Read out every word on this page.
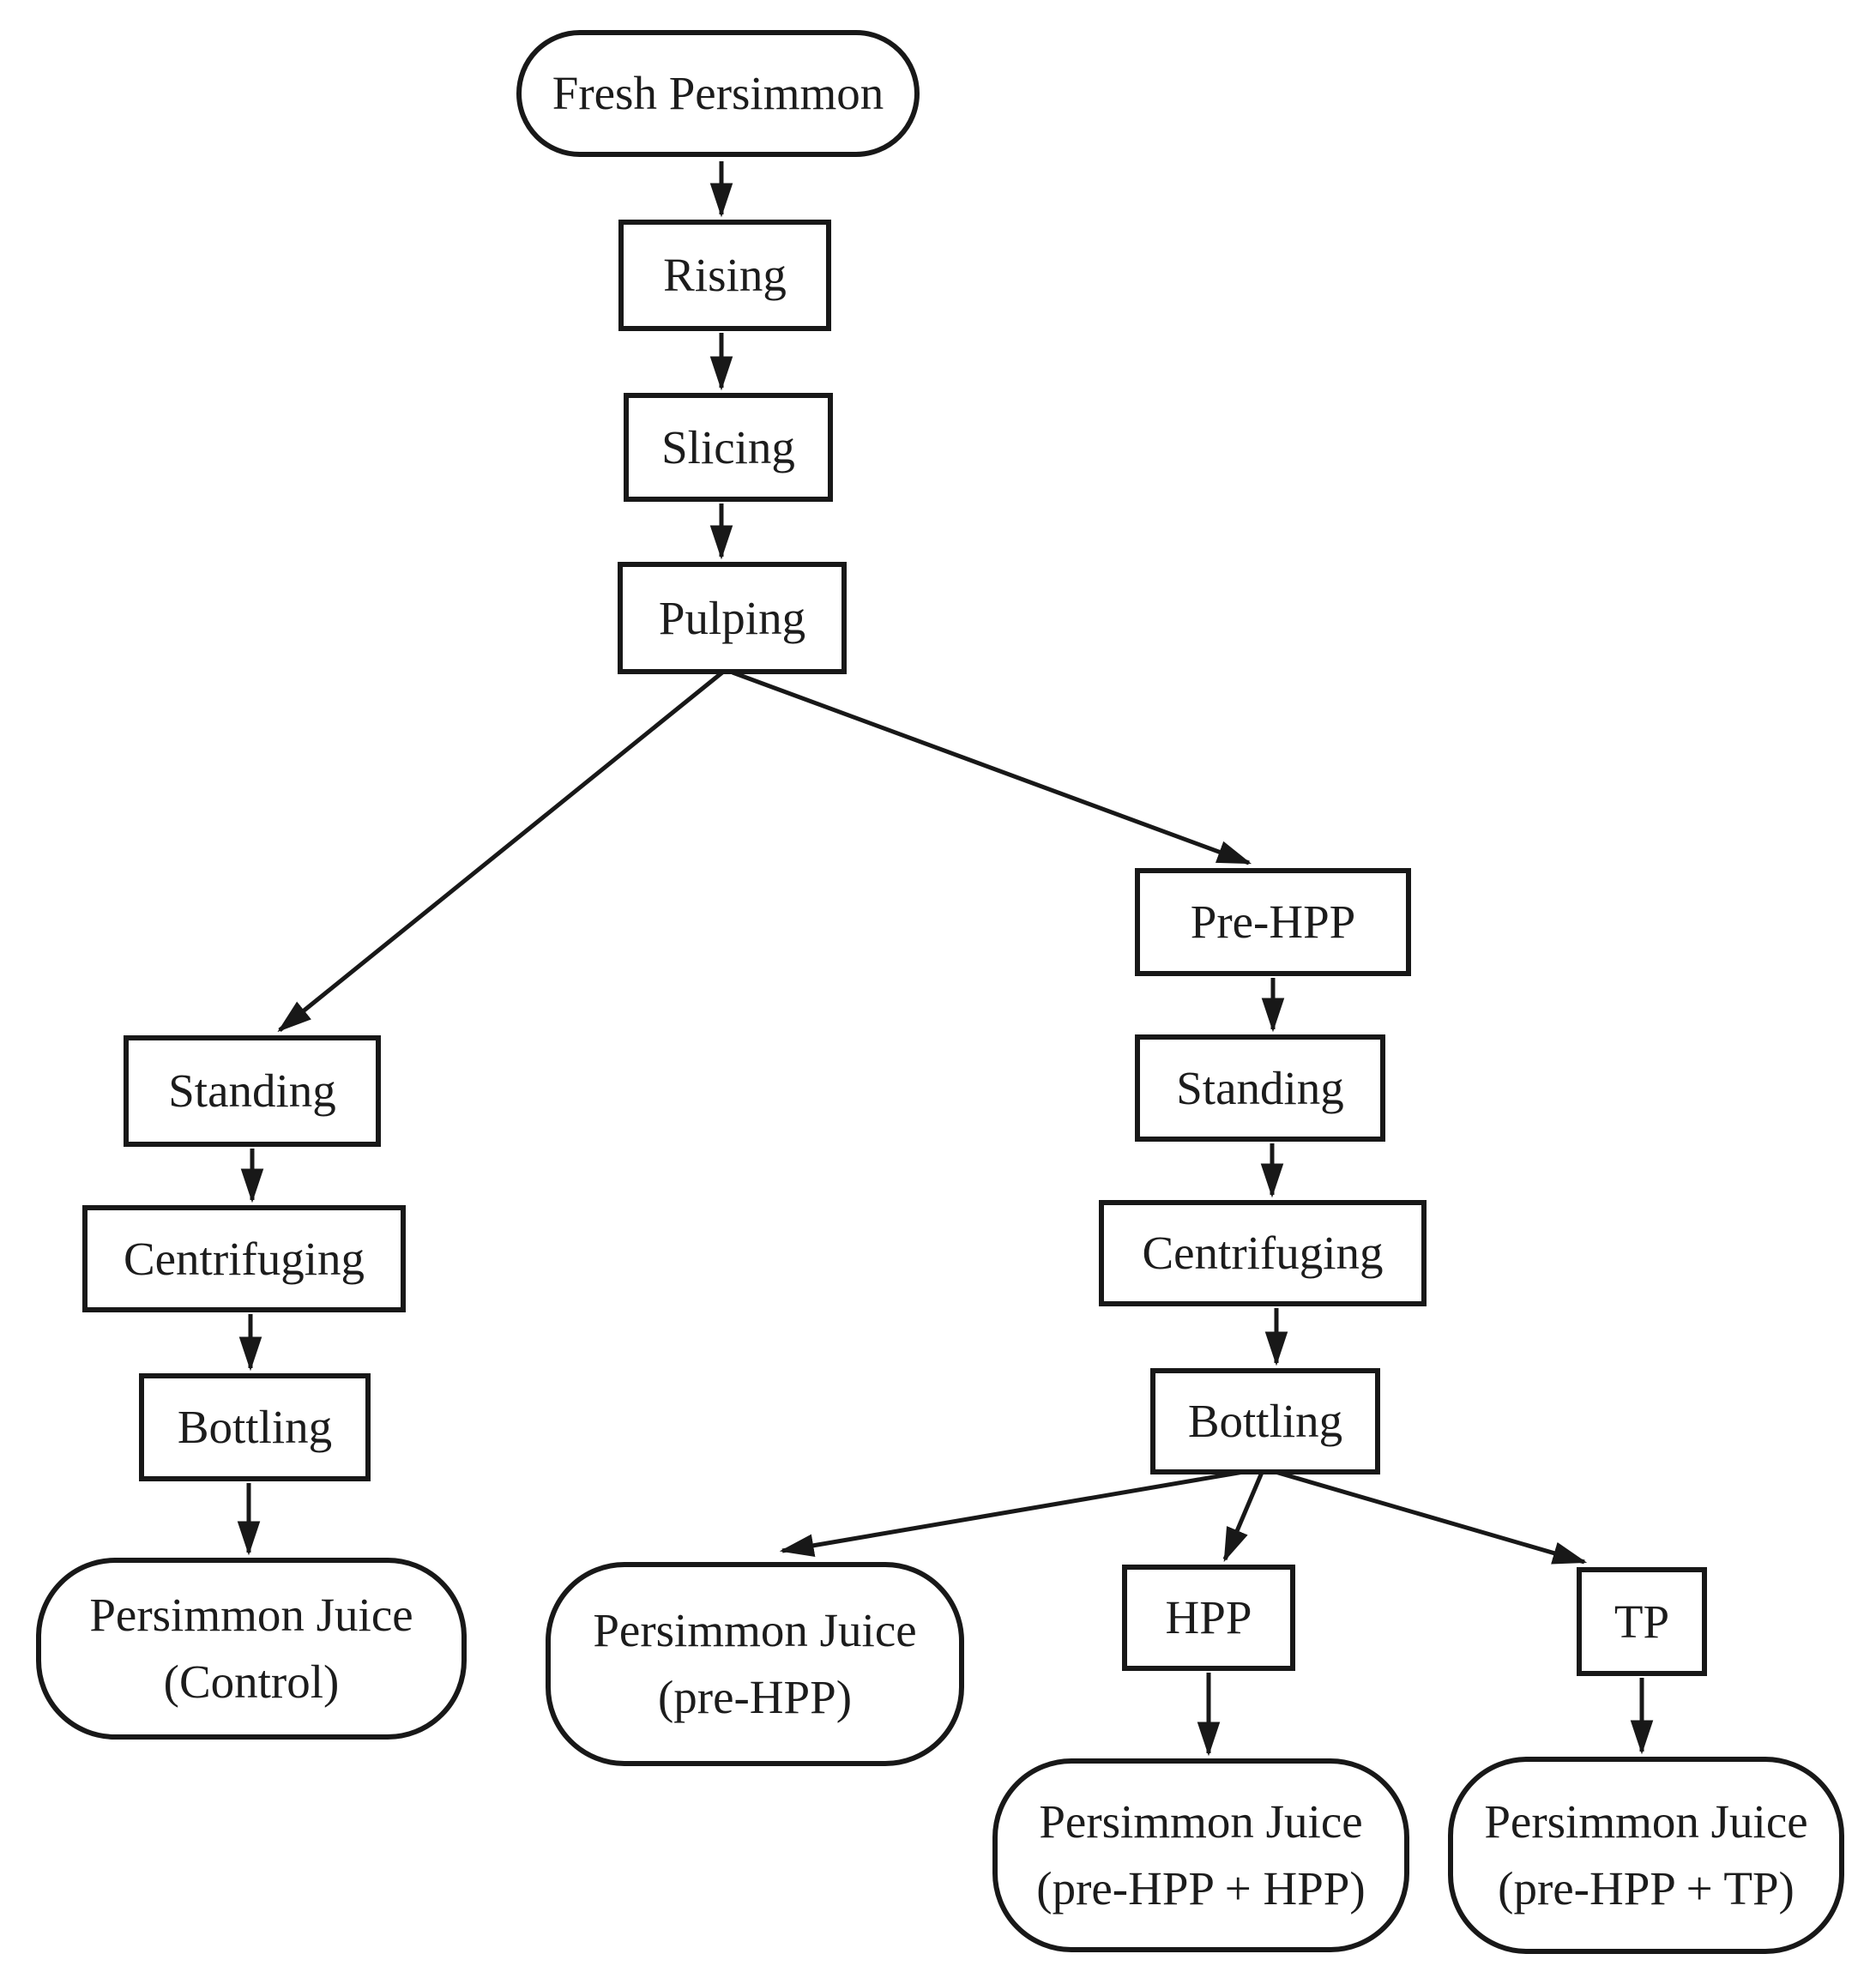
Fresh Persimmon
Rising
Slicing
Pulping
Pre-HPP
Standing	Standing
Centrifuging	Centrifuging
Bottling	Bottling
Persimmon Juice
(Control)
Persimmon Juice
(pre-HPP)
HPP	TP
Persimmon Juice
(pre-HPP + HPP)
Persimmon Juice
(pre-HPP + TP)
